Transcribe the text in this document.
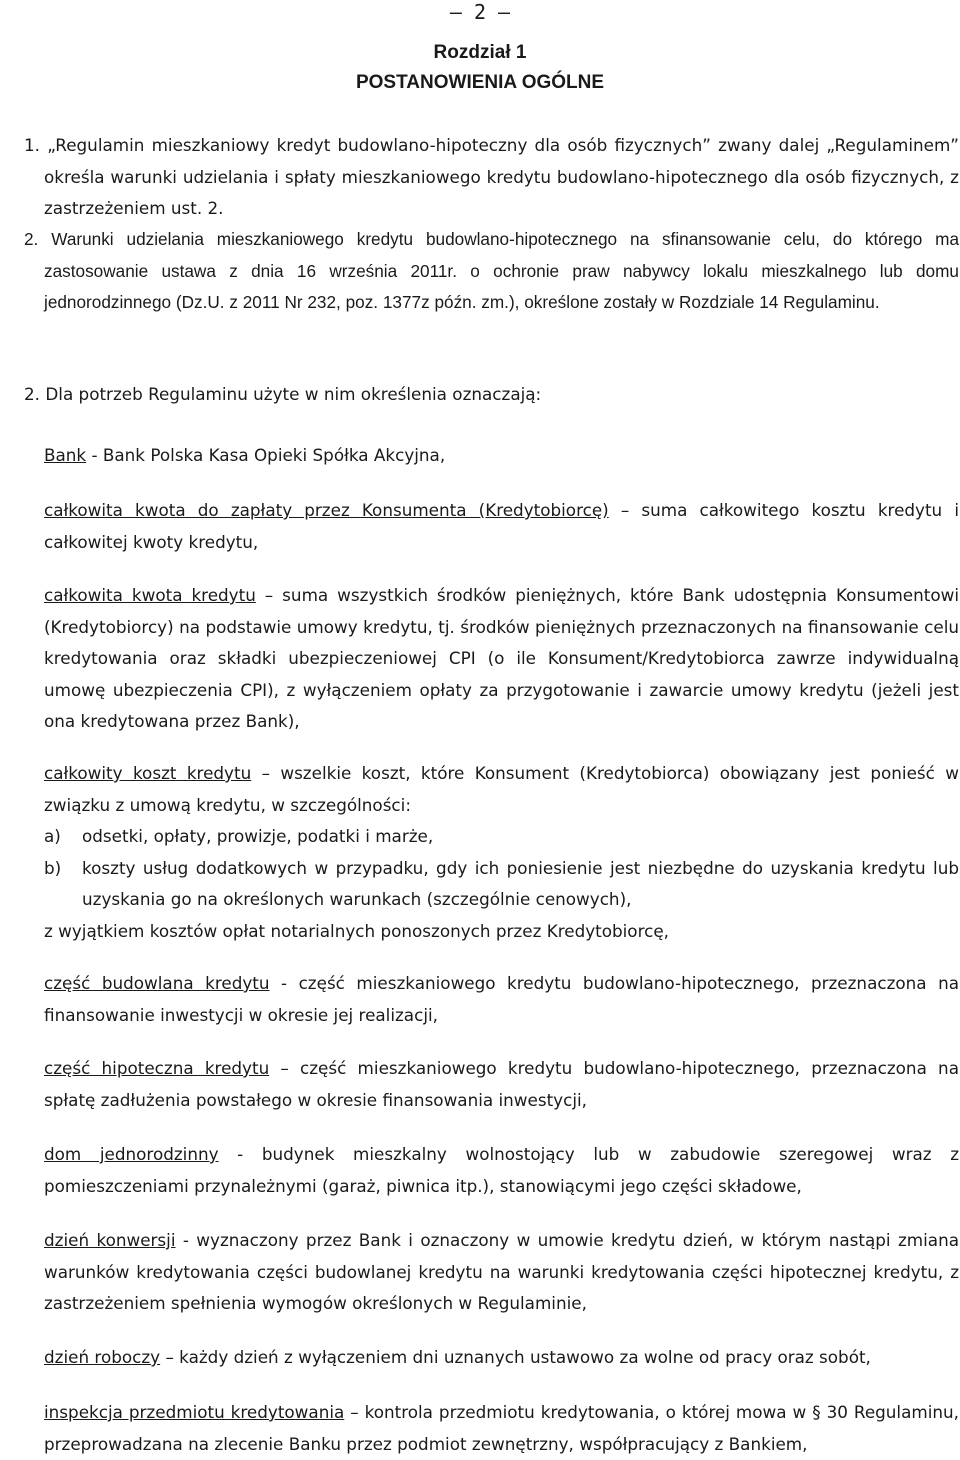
– 2 –
Rozdział 1
POSTANOWIENIA OGÓLNE
1. „Regulamin mieszkaniowy kredyt budowlano-hipoteczny dla osób fizycznych” zwany dalej „Regulaminem” określa warunki udzielania i spłaty mieszkaniowego kredytu budowlano-hipotecznego dla osób fizycznych, z zastrzeżeniem ust. 2.
2. Warunki udzielania mieszkaniowego kredytu budowlano-hipotecznego na sfinansowanie celu, do którego ma zastosowanie ustawa z dnia 16 września 2011r. o ochronie praw nabywcy lokalu mieszkalnego lub domu jednorodzinnego (Dz.U. z 2011 Nr 232, poz. 1377z późn. zm.), określone zostały w Rozdziale 14 Regulaminu.
2. Dla potrzeb Regulaminu użyte w nim określenia oznaczają:
Bank - Bank Polska Kasa Opieki Spółka Akcyjna,
całkowita kwota do zapłaty przez Konsumenta (Kredytobiorcę) – suma całkowitego kosztu kredytu i całkowitej kwoty kredytu,
całkowita kwota kredytu – suma wszystkich środków pieniężnych, które Bank udostępnia Konsumentowi (Kredytobiorcy) na podstawie umowy kredytu, tj. środków pieniężnych przeznaczonych na finansowanie celu kredytowania oraz składki ubezpieczeniowej CPI (o ile Konsument/Kredytobiorca zawrze indywidualną umowę ubezpieczenia CPI), z wyłączeniem opłaty za przygotowanie i zawarcie umowy kredytu (jeżeli jest ona kredytowana przez Bank),
całkowity koszt kredytu – wszelkie koszt, które Konsument (Kredytobiorca) obowiązany jest ponieść w związku z umową kredytu, w szczególności:
a) odsetki, opłaty, prowizje, podatki i marże,
b) koszty usług dodatkowych w przypadku, gdy ich poniesienie jest niezbędne do uzyskania kredytu lub uzyskania go na określonych warunkach (szczególnie cenowych),
z wyjątkiem kosztów opłat notarialnych ponoszonych przez Kredytobiorcę,
część budowlana kredytu - część mieszkaniowego kredytu budowlano-hipotecznego, przeznaczona na finansowanie inwestycji w okresie jej realizacji,
część hipoteczna kredytu – część mieszkaniowego kredytu budowlano-hipotecznego, przeznaczona na spłatę zadłużenia powstałego w okresie finansowania inwestycji,
dom jednorodzinny - budynek mieszkalny wolnostojący lub w zabudowie szeregowej wraz z pomieszczeniami przynależnymi (garaż, piwnica itp.), stanowiącymi jego części składowe,
dzień konwersji - wyznaczony przez Bank i oznaczony w umowie kredytu dzień, w którym nastąpi zmiana warunków kredytowania części budowlanej kredytu na warunki kredytowania części hipotecznej kredytu, z zastrzeżeniem spełnienia wymogów określonych w Regulaminie,
dzień roboczy – każdy dzień z wyłączeniem dni uznanych ustawowo za wolne od pracy oraz sobót,
inspekcja przedmiotu kredytowania – kontrola przedmiotu kredytowania, o której mowa w § 30 Regulaminu, przeprowadzana na zlecenie Banku przez podmiot zewnętrzny, współpracujący z Bankiem,
